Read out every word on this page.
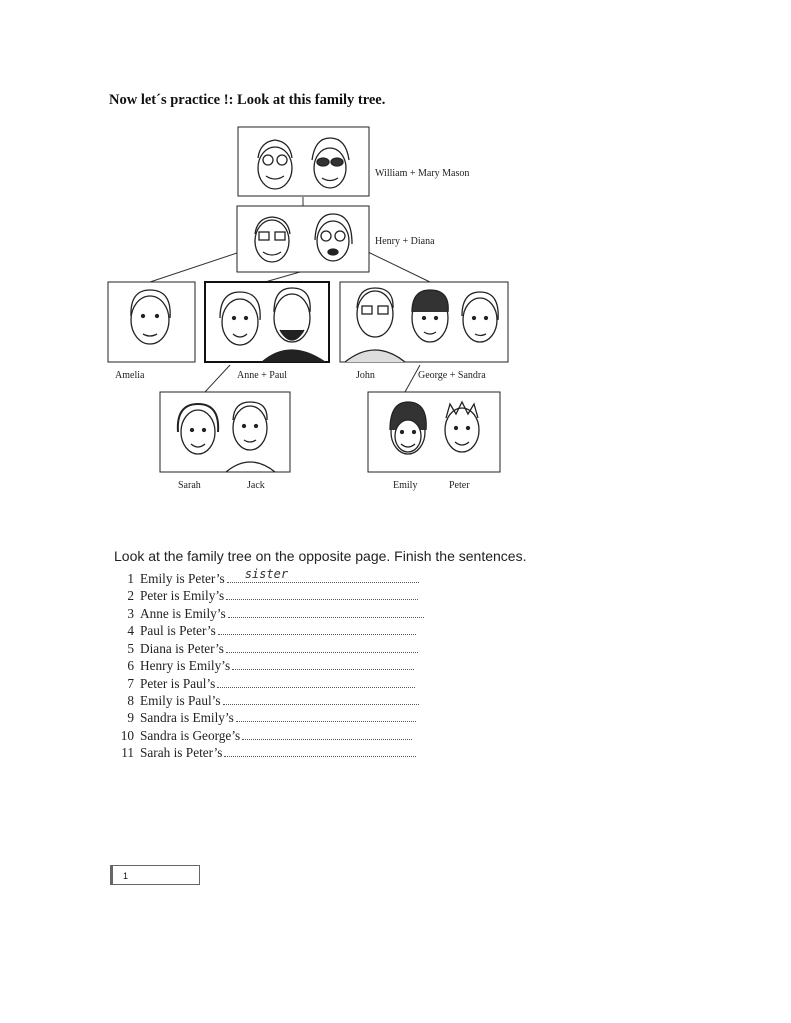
Now let´s practice !: Look at this family tree.
William + Mary Mason
Henry + Diana
Amelia	Anne + Paul	John	George + Sandra
Sarah	Jack	Emily	Peter
Look at the family tree on the opposite page. Finish the sentences.
1 Emily is Peter’s sister
2 Peter is Emily’s
3 Anne is Emily’s
4 Paul is Peter’s
5 Diana is Peter’s
6 Henry is Emily’s
7 Peter is Paul’s
8 Emily is Paul’s
9 Sandra is Emily’s
10 Sandra is George’s
11 Sarah is Peter’s
1
